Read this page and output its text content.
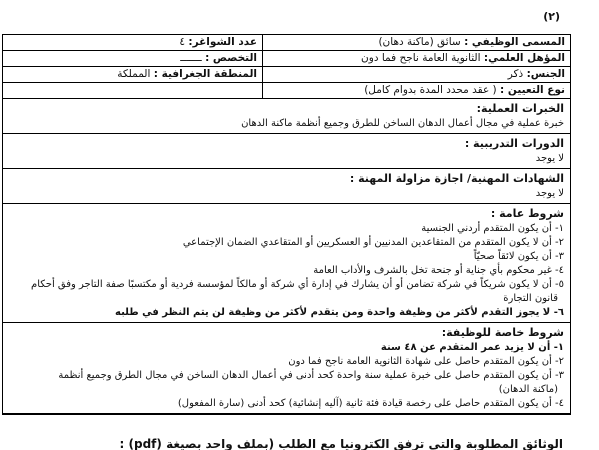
(٢)
المسمى الوظيفي : سائق (ماكنة دهان)
عدد الشواغر: ٤
المؤهل العلمي: الثانوية العامة ناجح فما دون
التخصص : ـــــــ
الجنس: ذكر
المنطقة الجغرافية : المملكة
نوع التعيين : ( عقد محدد المدة بدوام كامل)
الخبرات العملية:
خبرة عملية في مجال أعمال الدهان الساخن للطرق وجميع أنظمة ماكنة الدهان
الدورات التدريبية :
لا يوجد
الشهادات المهنية/ اجازة مزاولة المهنة :
لا يوجد
شروط عامة :
١- أن يكون المتقدم أردني الجنسية
٢- أن لا يكون المتقدم من المتقاعدين المدنيين أو العسكريين أو المتقاعدي الضمان الإجتماعي
٣- أن يكون لائقاً صحيّاً
٤- غير محكوم بأي جناية أو جنحة تخل بالشرف والأداب العامة
٥- أن لا يكون شريكاً في شركة تضامن أو أن يشارك في إدارة أي شركة أو مالكاً لمؤسسة فردية أو مكتسبًا صفة التاجر وفق أحكام
قانون التجارة
٦- لا يجوز التقدم لأكثر من وظيفة واحدة ومن يتقدم لأكثر من وظيفة لن يتم النظر في طلبه
شروط خاصة للوظيفة:
١- أن لا يزيد عمر المتقدم عن ٤٨ سنة
٢- أن يكون المتقدم حاصل على شهادة الثانوية العامة ناجح فما دون
٣- أن يكون المتقدم حاصل على خبرة عملية سنة واحدة كحد أدنى في أعمال الدهان الساخن في مجال الطرق وجميع أنظمة
(ماكنة الدهان)
٤- أن يكون المتقدم حاصل على رخصة قيادة فئة ثانية (آليه إنشائية) كحد أدنى (سارة المفعول)
الوثائق المطلوبة والتي ترفق الكترونيا مع الطلب (بملف واحد بصيغة (pdf) :
